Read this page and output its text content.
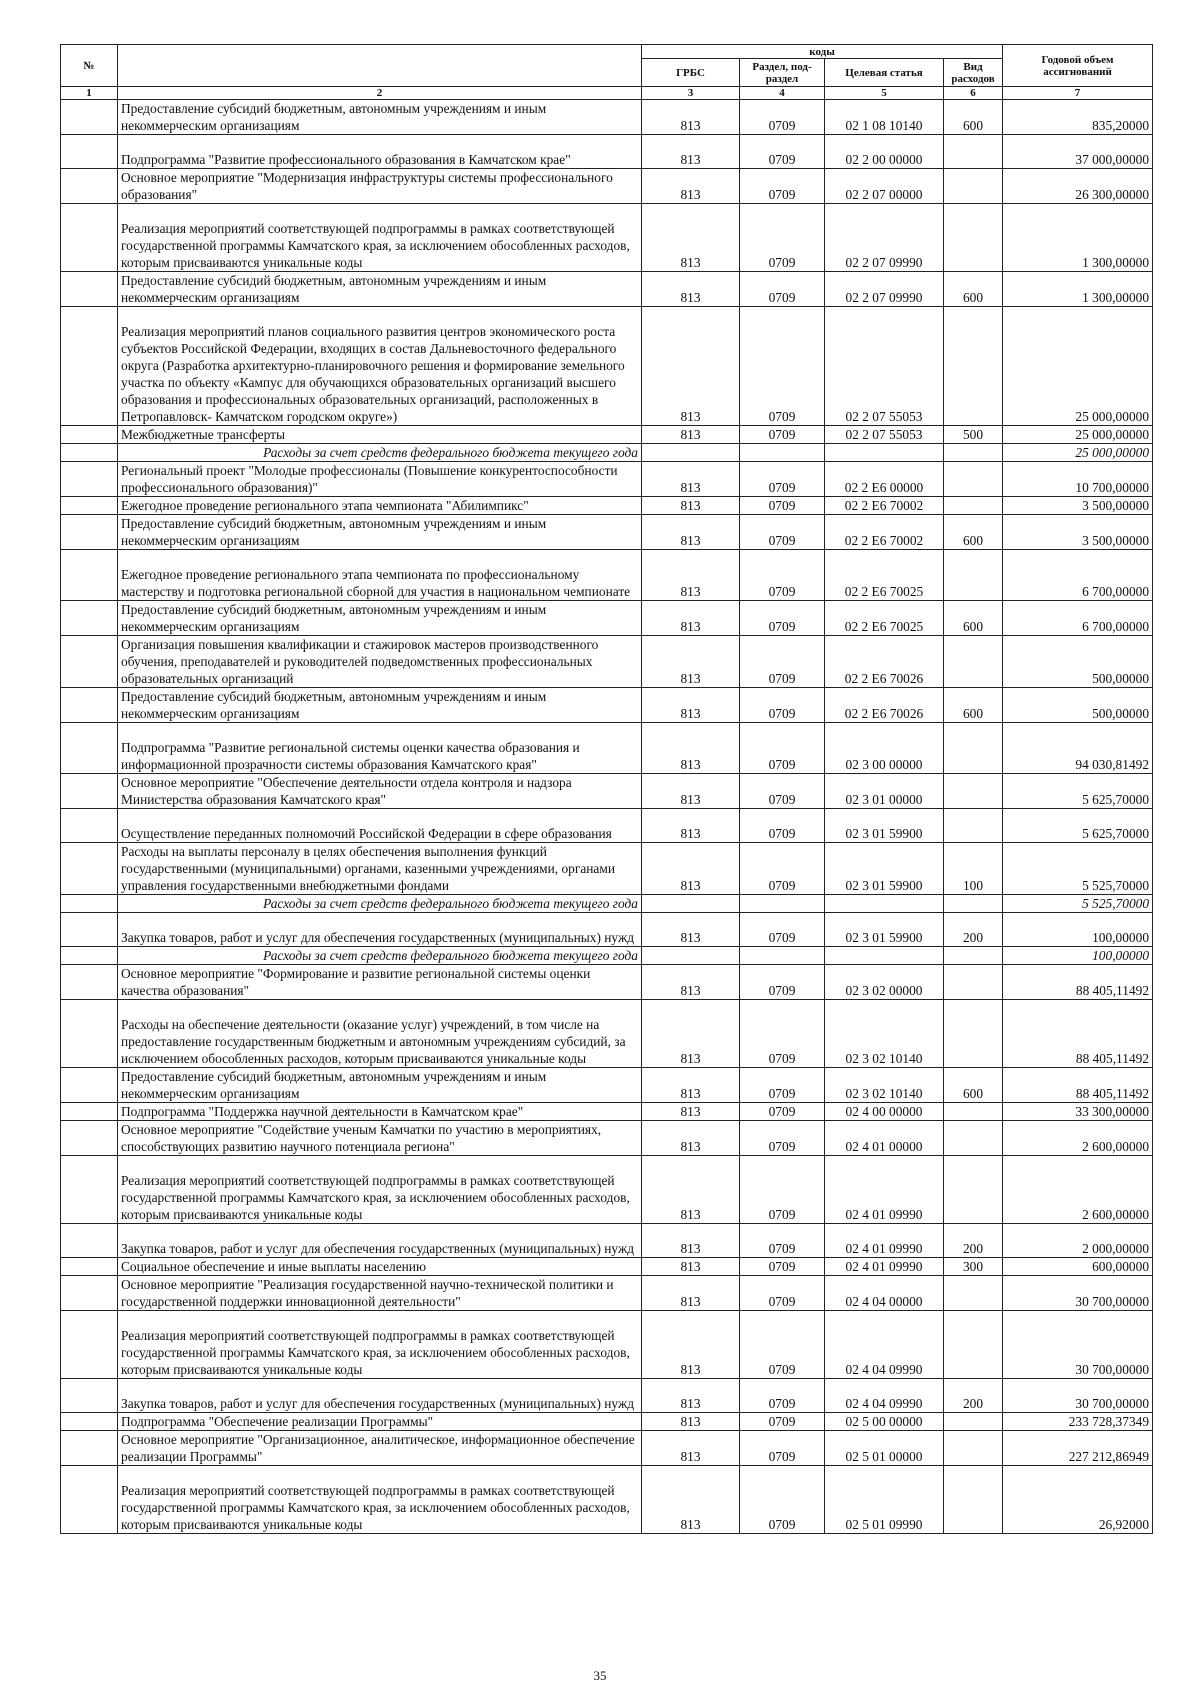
№		коды				Годовой объем ассигнований
		ГРБС	Раздел, под-раздел	Целевая статья	Вид расходов	
1	2	3	4	5	6	7
	Предоставление субсидий бюджетным, автономным учреждениям и иным некоммерческим организациям	813	0709	02 1 08 10140	600	835,20000
	Подпрограмма "Развитие профессионального образования в Камчатском крае"	813	0709	02 2 00 00000		37 000,00000
	Основное мероприятие "Модернизация инфраструктуры системы профессионального образования"	813	0709	02 2 07 00000		26 300,00000
	Реализация мероприятий соответствующей подпрограммы в рамках соответствующей государственной программы Камчатского края, за исключением обособленных расходов, которым присваиваются уникальные коды	813	0709	02 2 07 09990		1 300,00000
	Предоставление субсидий бюджетным, автономным учреждениям и иным некоммерческим организациям	813	0709	02 2 07 09990	600	1 300,00000
	Реализация мероприятий планов социального развития центров экономического роста субъектов Российской Федерации, входящих в состав Дальневосточного федерального округа (Разработка архитектурно-планировочного решения и формирование земельного участка по объекту «Кампус для обучающихся образовательных организаций высшего образования и профессиональных образовательных организаций, расположенных в Петропавловск- Камчатском городском округе»)	813	0709	02 2 07 55053		25 000,00000
	Межбюджетные трансферты	813	0709	02 2 07 55053	500	25 000,00000
	Расходы за счет средств федерального бюджета текущего года					25 000,00000
	Региональный проект "Молодые профессионалы (Повышение конкурентоспособности профессионального образования)"	813	0709	02 2 Е6 00000		10 700,00000
	Ежегодное проведение регионального этапа чемпионата "Абилимпикс"	813	0709	02 2 Е6 70002		3 500,00000
	Предоставление субсидий бюджетным, автономным учреждениям и иным некоммерческим организациям	813	0709	02 2 Е6 70002	600	3 500,00000
	Ежегодное проведение регионального этапа чемпионата по профессиональному мастерству и подготовка региональной сборной для участия в национальном чемпионате	813	0709	02 2 Е6 70025		6 700,00000
	Предоставление субсидий бюджетным, автономным учреждениям и иным некоммерческим организациям	813	0709	02 2 Е6 70025	600	6 700,00000
	Организация повышения квалификации и стажировок мастеров производственного обучения, преподавателей и руководителей подведомственных профессиональных образовательных организаций	813	0709	02 2 Е6 70026		500,00000
	Предоставление субсидий бюджетным, автономным учреждениям и иным некоммерческим организациям	813	0709	02 2 Е6 70026	600	500,00000
	Подпрограмма "Развитие региональной системы оценки качества образования и информационной прозрачности системы образования Камчатского края"	813	0709	02 3 00 00000		94 030,81492
	Основное мероприятие "Обеспечение деятельности отдела контроля и надзора Министерства образования Камчатского края"	813	0709	02 3 01 00000		5 625,70000
	Осуществление переданных полномочий Российской Федерации в сфере образования	813	0709	02 3 01 59900		5 625,70000
	Расходы на выплаты персоналу в целях обеспечения выполнения функций государственными (муниципальными) органами, казенными учреждениями, органами управления государственными внебюджетными фондами	813	0709	02 3 01 59900	100	5 525,70000
	Расходы за счет средств федерального бюджета текущего года					5 525,70000
	Закупка товаров, работ и услуг для обеспечения государственных (муниципальных) нужд	813	0709	02 3 01 59900	200	100,00000
	Расходы за счет средств федерального бюджета текущего года					100,00000
	Основное мероприятие "Формирование и развитие региональной системы оценки качества образования"	813	0709	02 3 02 00000		88 405,11492
	Расходы на обеспечение деятельности (оказание услуг) учреждений, в том числе на предоставление государственным бюджетным и автономным учреждениям субсидий, за исключением обособленных расходов, которым присваиваются уникальные коды	813	0709	02 3 02 10140		88 405,11492
	Предоставление субсидий бюджетным, автономным учреждениям и иным некоммерческим организациям	813	0709	02 3 02 10140	600	88 405,11492
	Подпрограмма "Поддержка научной деятельности в Камчатском крае"	813	0709	02 4 00 00000		33 300,00000
	Основное мероприятие "Содействие ученым Камчатки по участию в мероприятиях, способствующих развитию научного потенциала региона"	813	0709	02 4 01 00000		2 600,00000
	Реализация мероприятий соответствующей подпрограммы в рамках соответствующей государственной программы Камчатского края, за исключением обособленных расходов, которым присваиваются уникальные коды	813	0709	02 4 01 09990		2 600,00000
	Закупка товаров, работ и услуг для обеспечения государственных (муниципальных) нужд	813	0709	02 4 01 09990	200	2 000,00000
	Социальное обеспечение и иные выплаты населению	813	0709	02 4 01 09990	300	600,00000
	Основное мероприятие "Реализация государственной научно-технической политики и государственной поддержки инновационной деятельности"	813	0709	02 4 04 00000		30 700,00000
	Реализация мероприятий соответствующей подпрограммы в рамках соответствующей государственной программы Камчатского края, за исключением обособленных расходов, которым присваиваются уникальные коды	813	0709	02 4 04 09990		30 700,00000
	Закупка товаров, работ и услуг для обеспечения государственных (муниципальных) нужд	813	0709	02 4 04 09990	200	30 700,00000
	Подпрограмма "Обеспечение реализации Программы"	813	0709	02 5 00 00000		233 728,37349
	Основное мероприятие "Организационное, аналитическое, информационное обеспечение реализации Программы"	813	0709	02 5 01 00000		227 212,86949
	Реализация мероприятий соответствующей подпрограммы в рамках соответствующей государственной программы Камчатского края, за исключением обособленных расходов, которым присваиваются уникальные коды	813	0709	02 5 01 09990		26,92000
35
